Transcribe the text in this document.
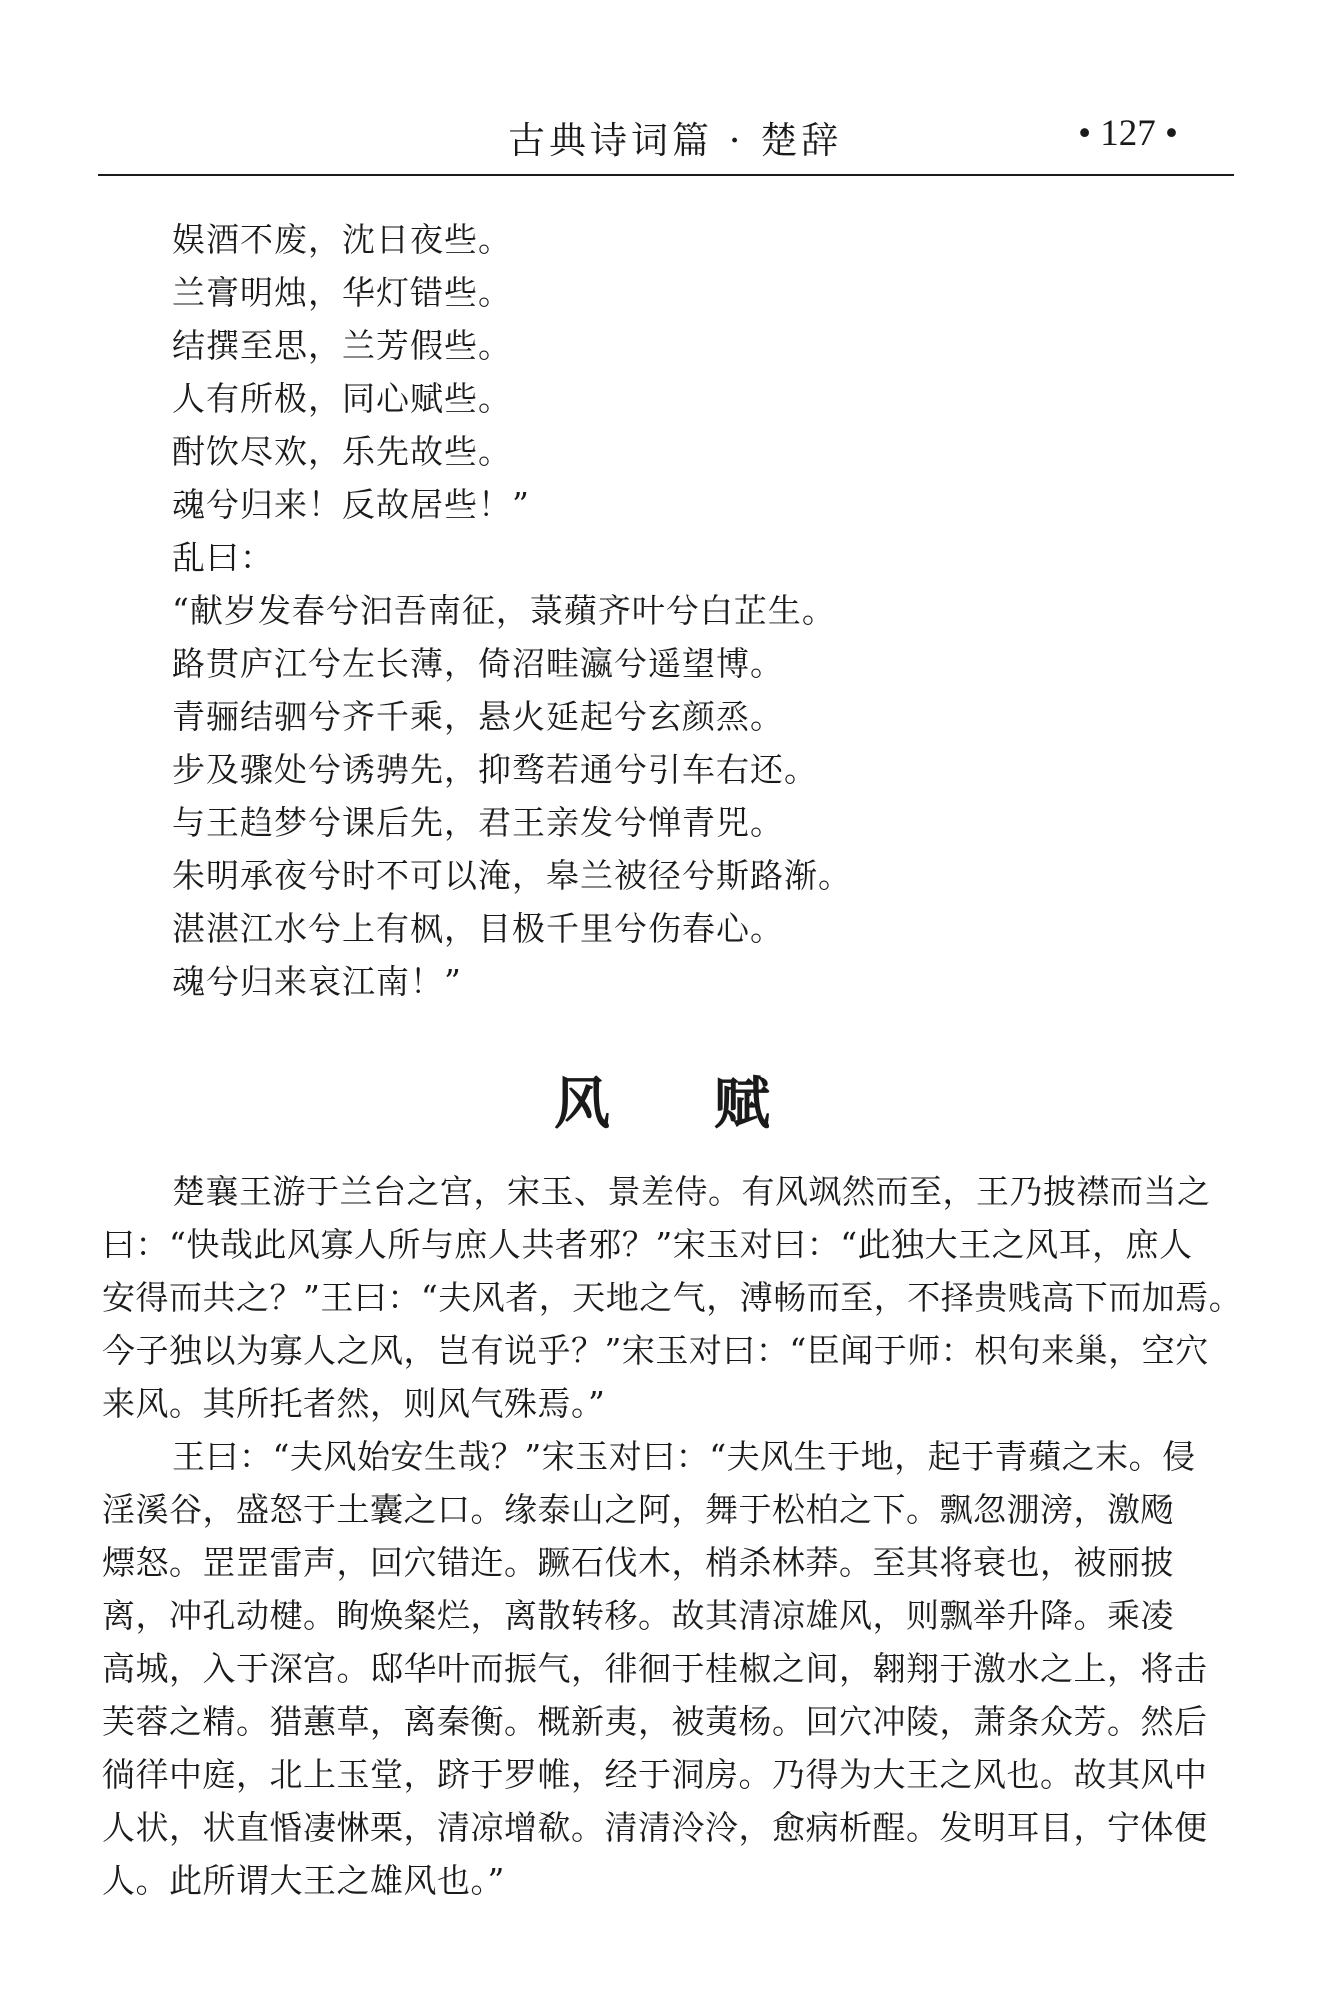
古典诗词篇 · 楚辞	• 127 •
娱酒不废，沈日夜些。
兰膏明烛，华灯错些。
结撰至思，兰芳假些。
人有所极，同心赋些。
酎饮尽欢，乐先故些。
魂兮归来！反故居些！”
乱曰：
“献岁发春兮汩吾南征，菉蘋齐叶兮白芷生。
路贯庐江兮左长薄，倚沼畦瀛兮遥望博。
青骊结驷兮齐千乘，悬火延起兮玄颜烝。
步及骤处兮诱骋先，抑骛若通兮引车右还。
与王趋梦兮课后先，君王亲发兮惮青兕。
朱明承夜兮时不可以淹，皋兰被径兮斯路渐。
湛湛江水兮上有枫，目极千里兮伤春心。
魂兮归来哀江南！”
风 赋
楚襄王游于兰台之宫，宋玉、景差侍。有风飒然而至，王乃披襟而当之
曰：“快哉此风寡人所与庶人共者邪？”宋玉对曰：“此独大王之风耳，庶人
安得而共之？”王曰：“夫风者，天地之气，溥畅而至，不择贵贱高下而加焉。
今子独以为寡人之风，岂有说乎？”宋玉对曰：“臣闻于师：枳句来巢，空穴
来风。其所托者然，则风气殊焉。”
王曰：“夫风始安生哉？”宋玉对曰：“夫风生于地，起于青蘋之末。侵
淫溪谷，盛怒于土囊之口。缘泰山之阿，舞于松柏之下。飘忽淜滂，激飏
熛怒。罡罡雷声，回穴错迕。蹶石伐木，梢杀林莽。至其将衰也，被丽披
离，冲孔动楗。眴焕粲烂，离散转移。故其清凉雄风，则飘举升降。乘凌
高城，入于深宫。邸华叶而振气，徘徊于桂椒之间，翱翔于激水之上，将击
芙蓉之精。猎蕙草，离秦衡。概新夷，被荑杨。回穴冲陵，萧条众芳。然后
徜徉中庭，北上玉堂，跻于罗帷，经于洞房。乃得为大王之风也。故其风中
人状，状直惛凄惏栗，清凉增欷。清清泠泠，愈病析酲。发明耳目，宁体便
人。此所谓大王之雄风也。”
